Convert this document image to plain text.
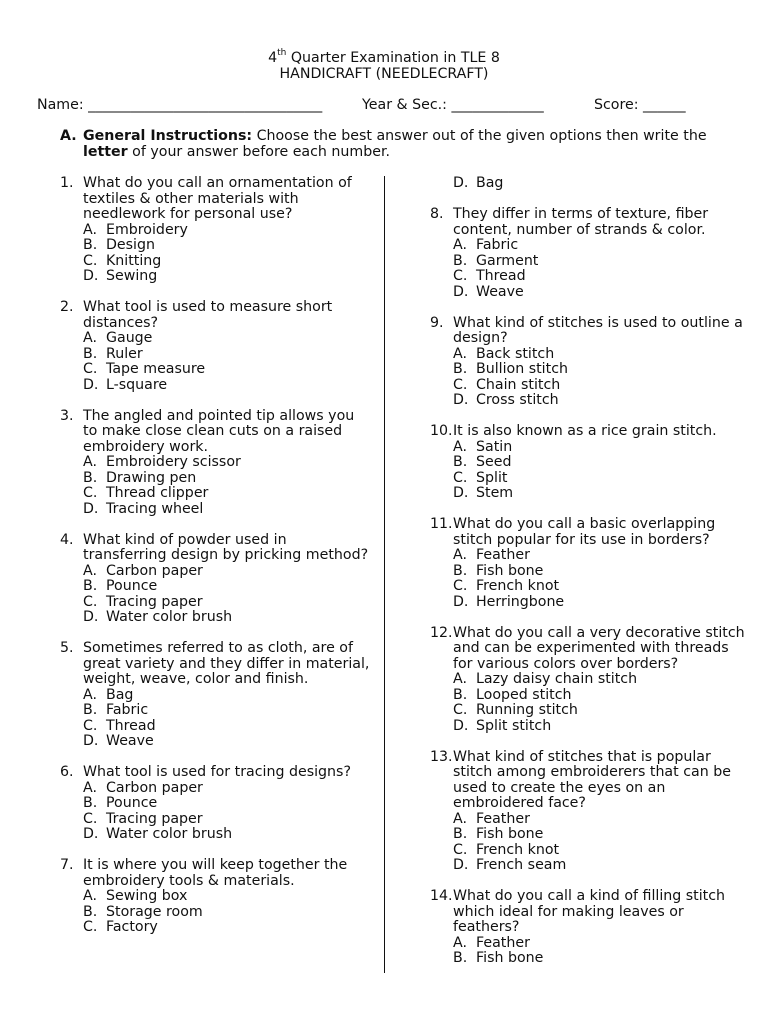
4th Quarter Examination in TLE 8
HANDICRAFT (NEEDLECRAFT)
Name: _________________________________	Year & Sec.: _____________	Score: ______
A. General Instructions: Choose the best answer out of the given options then write the letter of your answer before each number.
1. What do you call an ornamentation of textiles & other materials with needlework for personal use?
A. Embroidery
B. Design
C. Knitting
D. Sewing
2. What tool is used to measure short distances?
A. Gauge
B. Ruler
C. Tape measure
D. L-square
3. The angled and pointed tip allows you to make close clean cuts on a raised embroidery work.
A. Embroidery scissor
B. Drawing pen
C. Thread clipper
D. Tracing wheel
4. What kind of powder used in transferring design by pricking method?
A. Carbon paper
B. Pounce
C. Tracing paper
D. Water color brush
5. Sometimes referred to as cloth, are of great variety and they differ in material, weight, weave, color and finish.
A. Bag
B. Fabric
C. Thread
D. Weave
6. What tool is used for tracing designs?
A. Carbon paper
B. Pounce
C. Tracing paper
D. Water color brush
7. It is where you will keep together the embroidery tools & materials.
A. Sewing box
B. Storage room
C. Factory
D. Bag
8. They differ in terms of texture, fiber content, number of strands & color.
A. Fabric
B. Garment
C. Thread
D. Weave
9. What kind of stitches is used to outline a design?
A. Back stitch
B. Bullion stitch
C. Chain stitch
D. Cross stitch
10. It is also known as a rice grain stitch.
A. Satin
B. Seed
C. Split
D. Stem
11. What do you call a basic overlapping stitch popular for its use in borders?
A. Feather
B. Fish bone
C. French knot
D. Herringbone
12. What do you call a very decorative stitch and can be experimented with threads for various colors over borders?
A. Lazy daisy chain stitch
B. Looped stitch
C. Running stitch
D. Split stitch
13. What kind of stitches that is popular stitch among embroiderers that can be used to create the eyes on an embroidered face?
A. Feather
B. Fish bone
C. French knot
D. French seam
14. What do you call a kind of filling stitch which ideal for making leaves or feathers?
A. Feather
B. Fish bone
